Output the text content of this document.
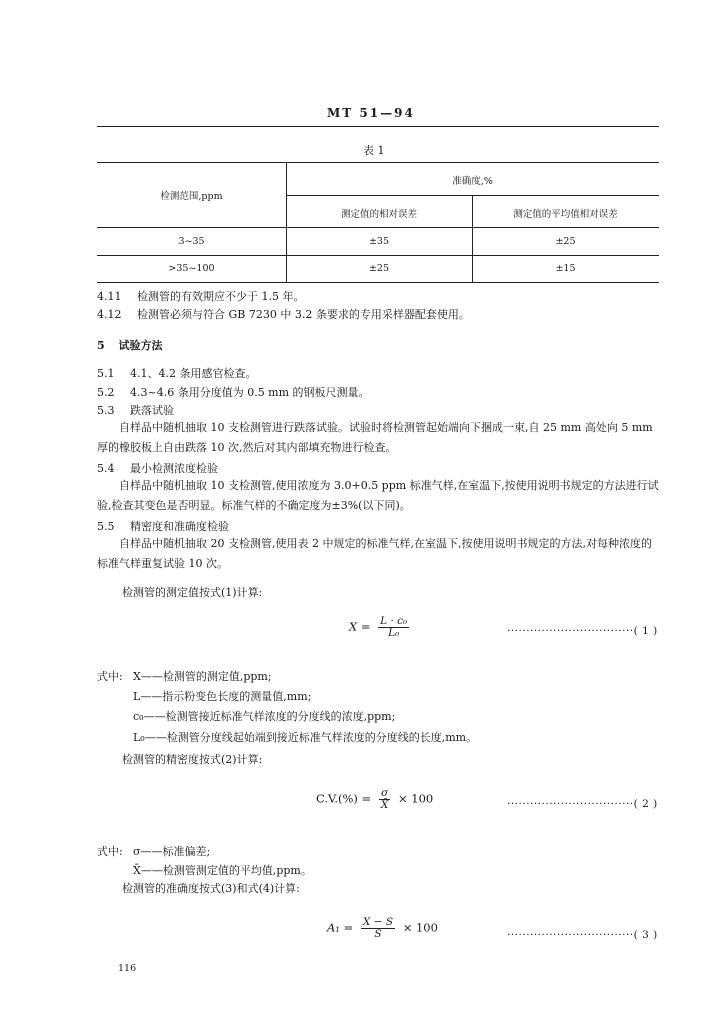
MT 51—94
表 1
检测范围,ppm
准确度,%
测定值的相对误差	测定值的平均值相对误差
3~35	±35	±25
>35~100	±25	±15
4.11 检测管的有效期应不少于 1.5 年。
4.12 检测管必须与符合 GB 7230 中 3.2 条要求的专用采样器配套使用。
5 试验方法
5.1 4.1、4.2 条用感官检查。
5.2 4.3~4.6 条用分度值为 0.5 mm 的钢板尺测量。
5.3 跌落试验
自样品中随机抽取 10 支检测管进行跌落试验。试验时将检测管起始端向下捆成一束,自 25 mm 高处向 5 mm 厚的橡胶板上自由跌落 10 次,然后对其内部填充物进行检查。
5.4 最小检测浓度检验
自样品中随机抽取 10 支检测管,使用浓度为 3.0+0.5 ppm 标准气样,在室温下,按使用说明书规定的方法进行试验,检查其变色是否明显。标准气样的不确定度为±3%(以下同)。
5.5 精密度和准确度检验
自样品中随机抽取 20 支检测管,使用表 2 中规定的标准气样,在室温下,按使用说明书规定的方法,对每种浓度的标准气样重复试验 10 次。
检测管的测定值按式(1)计算:
$X = \frac{\text{L · c₀}}{\text{L₀}}$	·································( 1 )
式中: X——检测管的测定值,ppm;
L——指示粉变色长度的测量值,mm;
c₀——检测管接近标准气样浓度的分度线的浓度,ppm;
L₀——检测管分度线起始端到接近标准气样浓度的分度线的长度,mm。
检测管的精密度按式(2)计算:
$C.V.(\%) = \frac{\sigma}{X̄} \times 100$	·································( 2 )
式中: σ——标准偏差;
X̄——检测管测定值的平均值,ppm。
检测管的准确度按式(3)和式(4)计算:
$A_1 = \frac{X - S}{S} \times 100$
·································( 3 )
116
